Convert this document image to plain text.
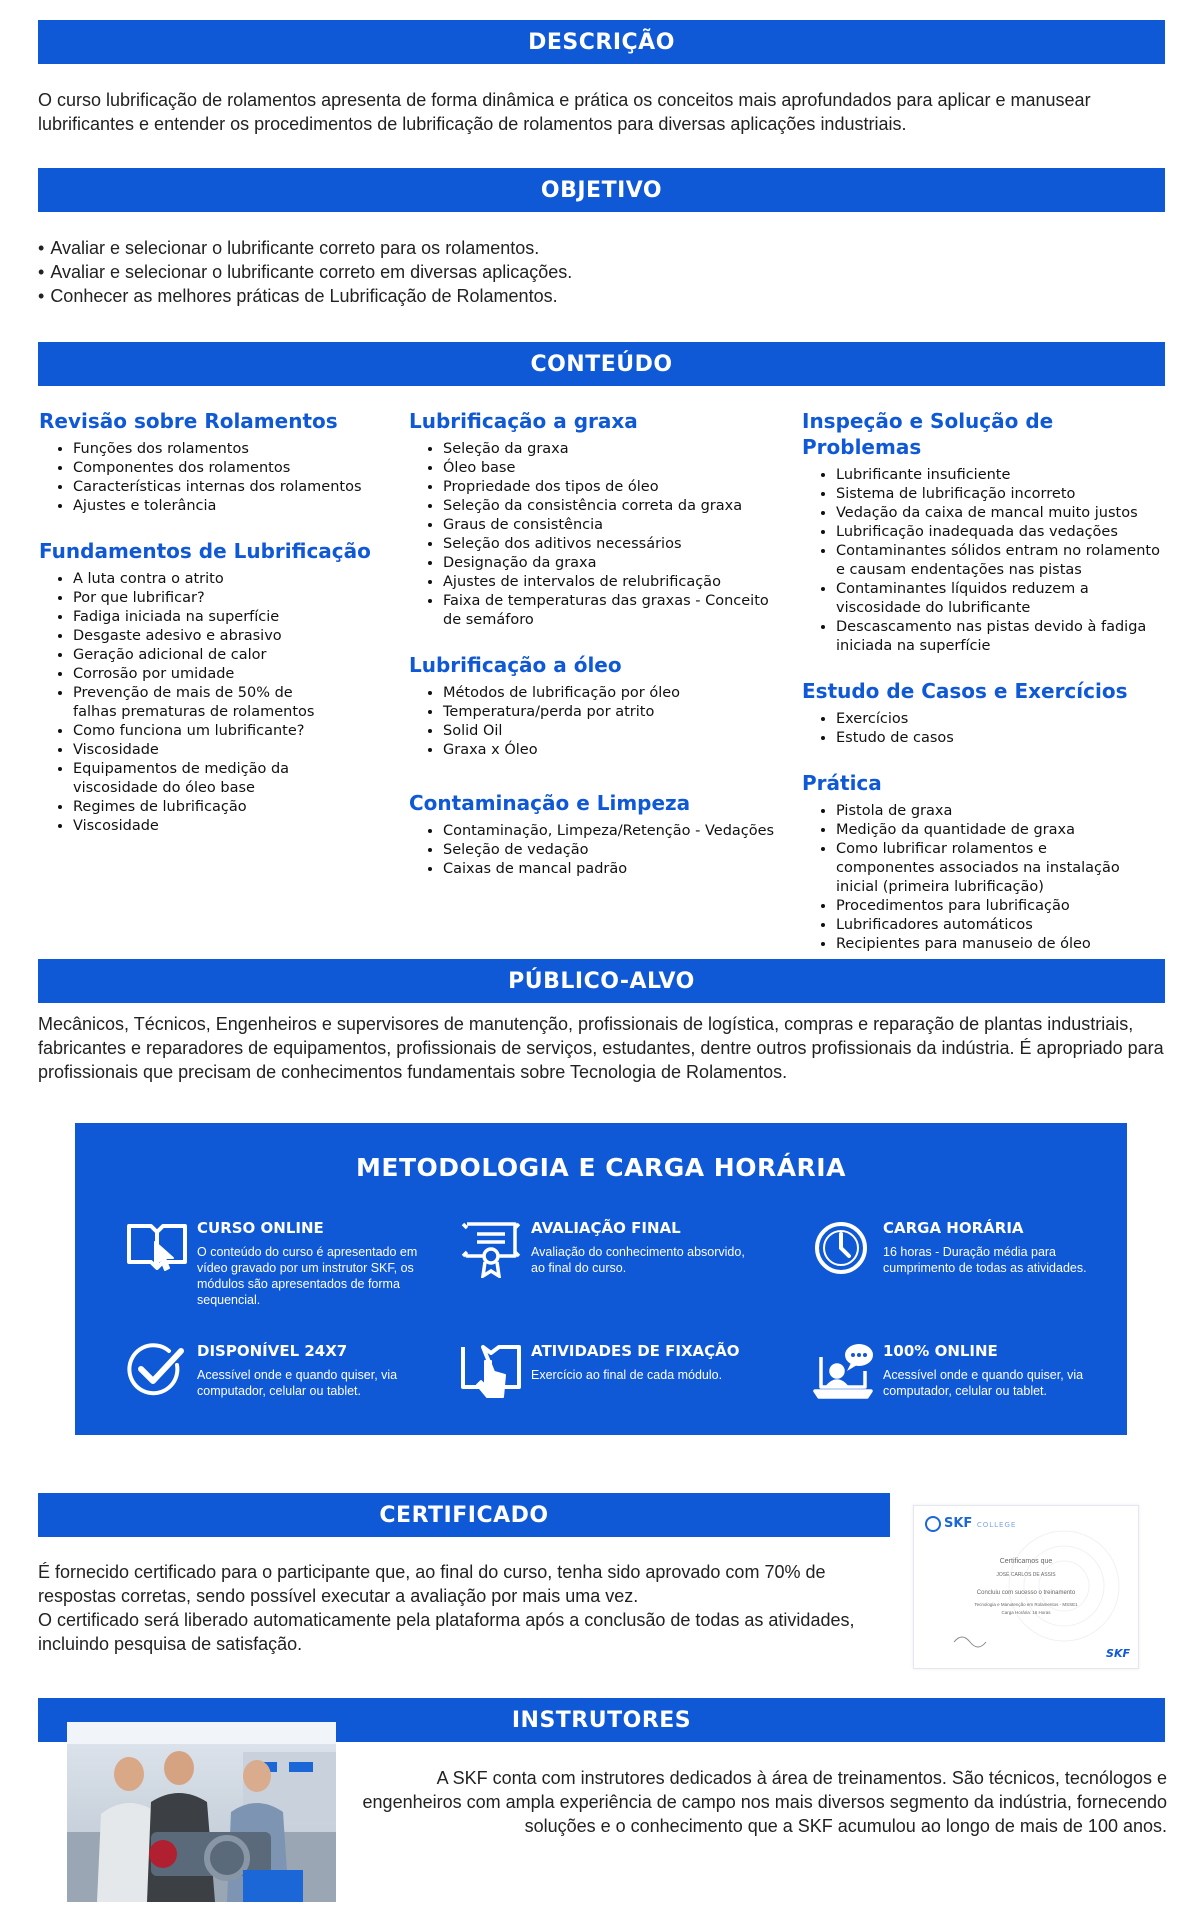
DESCRIÇÃO

O curso lubrificação de rolamentos apresenta de forma dinâmica e prática os conceitos mais aprofundados para aplicar e manusear lubrificantes e entender os procedimentos de lubrificação de rolamentos para diversas aplicações industriais.

OBJETIVO
• Avaliar e selecionar o lubrificante correto para os rolamentos.
• Avaliar e selecionar o lubrificante correto em diversas aplicações.
• Conhecer as melhores práticas de Lubrificação de Rolamentos.
CONTEÚDO
Revisão sobre Rolamentos
• Funções dos rolamentos
• Componentes dos rolamentos
• Características internas dos rolamentos
• Ajustes e tolerância
Fundamentos de Lubrificação
• A luta contra o atrito
• Por que lubrificar?
• Fadiga iniciada na superfície
• Desgaste adesivo e abrasivo
• Geração adicional de calor
• Corrosão por umidade
• Prevenção de mais de 50% de falhas prematuras de rolamentos
• Como funciona um lubrificante?
• Viscosidade
• Equipamentos de medição da viscosidade do óleo base
• Regimes de lubrificação
• Viscosidade
Lubrificação a graxa
• Seleção da graxa
• Óleo base
• Propriedade dos tipos de óleo
• Seleção da consistência correta da graxa
• Graus de consistência
• Seleção dos aditivos necessários
• Designação da graxa
• Ajustes de intervalos de relubrificação
• Faixa de temperaturas das graxas - Conceito de semáforo
Lubrificação a óleo
• Métodos de lubrificação por óleo
• Temperatura/perda por atrito
• Solid Oil
• Graxa x Óleo
Contaminação e Limpeza
• Contaminação, Limpeza/Retenção - Vedações
• Seleção de vedação
• Caixas de mancal padrão
Inspeção e Solução de Problemas
• Lubrificante insuficiente
• Sistema de lubrificação incorreto
• Vedação da caixa de mancal muito justos
• Lubrificação inadequada das vedações
• Contaminantes sólidos entram no rolamento e causam endentações nas pistas
• Contaminantes líquidos reduzem a viscosidade do lubrificante
• Descascamento nas pistas devido à fadiga iniciada na superfície
Estudo de Casos e Exercícios
• Exercícios
• Estudo de casos
Prática
• Pistola de graxa
• Medição da quantidade de graxa
• Como lubrificar rolamentos e componentes associados na instalação inicial (primeira lubrificação)
• Procedimentos para lubrificação
• Lubrificadores automáticos
• Recipientes para manuseio de óleo
PÚBLICO-ALVO

Mecânicos, Técnicos, Engenheiros e supervisores de manutenção, profissionais de logística, compras e reparação de plantas industriais, fabricantes e reparadores de equipamentos, profissionais de serviços, estudantes, dentre outros profissionais da indústria. É apropriado para profissionais que precisam de conhecimentos fundamentais sobre Tecnologia de Rolamentos.

METODOLOGIA E CARGA HORÁRIA
CURSO ONLINE
O conteúdo do curso é apresentado em vídeo gravado por um instrutor SKF, os módulos são apresentados de forma sequencial.
AVALIAÇÃO FINAL
Avaliação do conhecimento absorvido, ao final do curso.
CARGA HORÁRIA
16 horas - Duração média para cumprimento de todas as atividades.
DISPONÍVEL 24X7
Acessível onde e quando quiser, via computador, celular ou tablet.
ATIVIDADES DE FIXAÇÃO
Exercício ao final de cada módulo.
100% ONLINE
Acessível onde e quando quiser, via computador, celular ou tablet.
CERTIFICADO

É fornecido certificado para o participante que, ao final do curso, tenha sido aprovado com 70% de respostas corretas, sendo possível executar a avaliação por mais uma vez.
O certificado será liberado automaticamente pela plataforma após a conclusão de todas as atividades, incluindo pesquisa de satisfação.

SKF COLLEGE
Certificamos que
JOSÉ CARLOS DE ASSIS
Concluiu com sucesso o treinamento
Tecnologia e Manutenção em Rolamentos - MSSE1
Carga Horária: 16 Horas
SKF
INSTRUTORES

A SKF conta com instrutores dedicados à área de treinamentos. São técnicos, tecnólogos e engenheiros com ampla experiência de campo nos mais diversos segmento da indústria, fornecendo soluções e o conhecimento que a SKF acumulou ao longo de mais de 100 anos.
